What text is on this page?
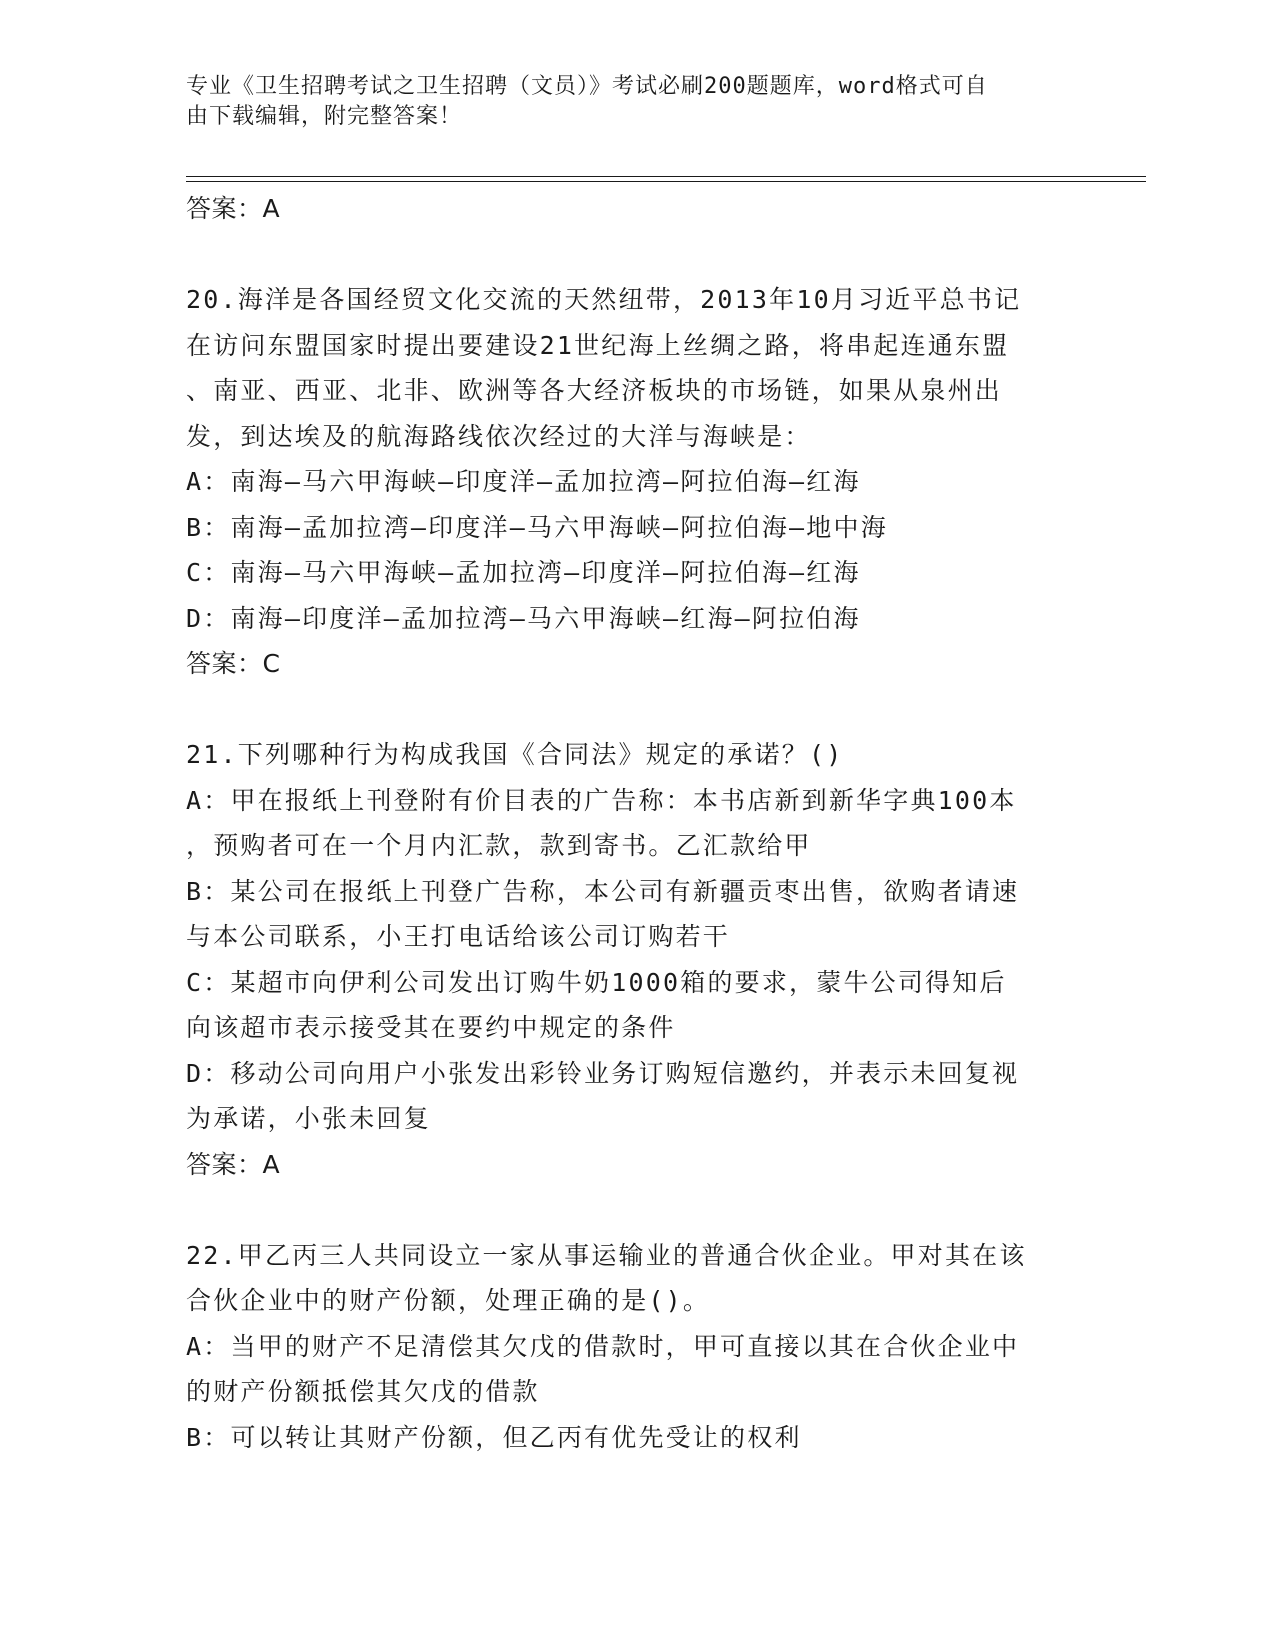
专业《卫生招聘考试之卫生招聘（文员）》考试必刷200题题库，word格式可自
由下载编辑，附完整答案！

答案：A

20.海洋是各国经贸文化交流的天然纽带，2013年10月习近平总书记

在访问东盟国家时提出要建设21世纪海上丝绸之路，将串起连通东盟

、南亚、西亚、北非、欧洲等各大经济板块的市场链，如果从泉州出

发，到达埃及的航海路线依次经过的大洋与海峡是：

A：南海—马六甲海峡—印度洋—孟加拉湾—阿拉伯海—红海

B：南海—孟加拉湾—印度洋—马六甲海峡—阿拉伯海—地中海

C：南海—马六甲海峡—孟加拉湾—印度洋—阿拉伯海—红海

D：南海—印度洋—孟加拉湾—马六甲海峡—红海—阿拉伯海

答案：C

21.下列哪种行为构成我国《合同法》规定的承诺？()

A：甲在报纸上刊登附有价目表的广告称：本书店新到新华字典100本

，预购者可在一个月内汇款，款到寄书。乙汇款给甲

B：某公司在报纸上刊登广告称，本公司有新疆贡枣出售，欲购者请速

与本公司联系，小王打电话给该公司订购若干

C：某超市向伊利公司发出订购牛奶1000箱的要求，蒙牛公司得知后

向该超市表示接受其在要约中规定的条件

D：移动公司向用户小张发出彩铃业务订购短信邀约，并表示未回复视

为承诺，小张未回复

答案：A

22.甲乙丙三人共同设立一家从事运输业的普通合伙企业。甲对其在该

合伙企业中的财产份额，处理正确的是()。

A：当甲的财产不足清偿其欠戊的借款时，甲可直接以其在合伙企业中

的财产份额抵偿其欠戊的借款

B：可以转让其财产份额，但乙丙有优先受让的权利
